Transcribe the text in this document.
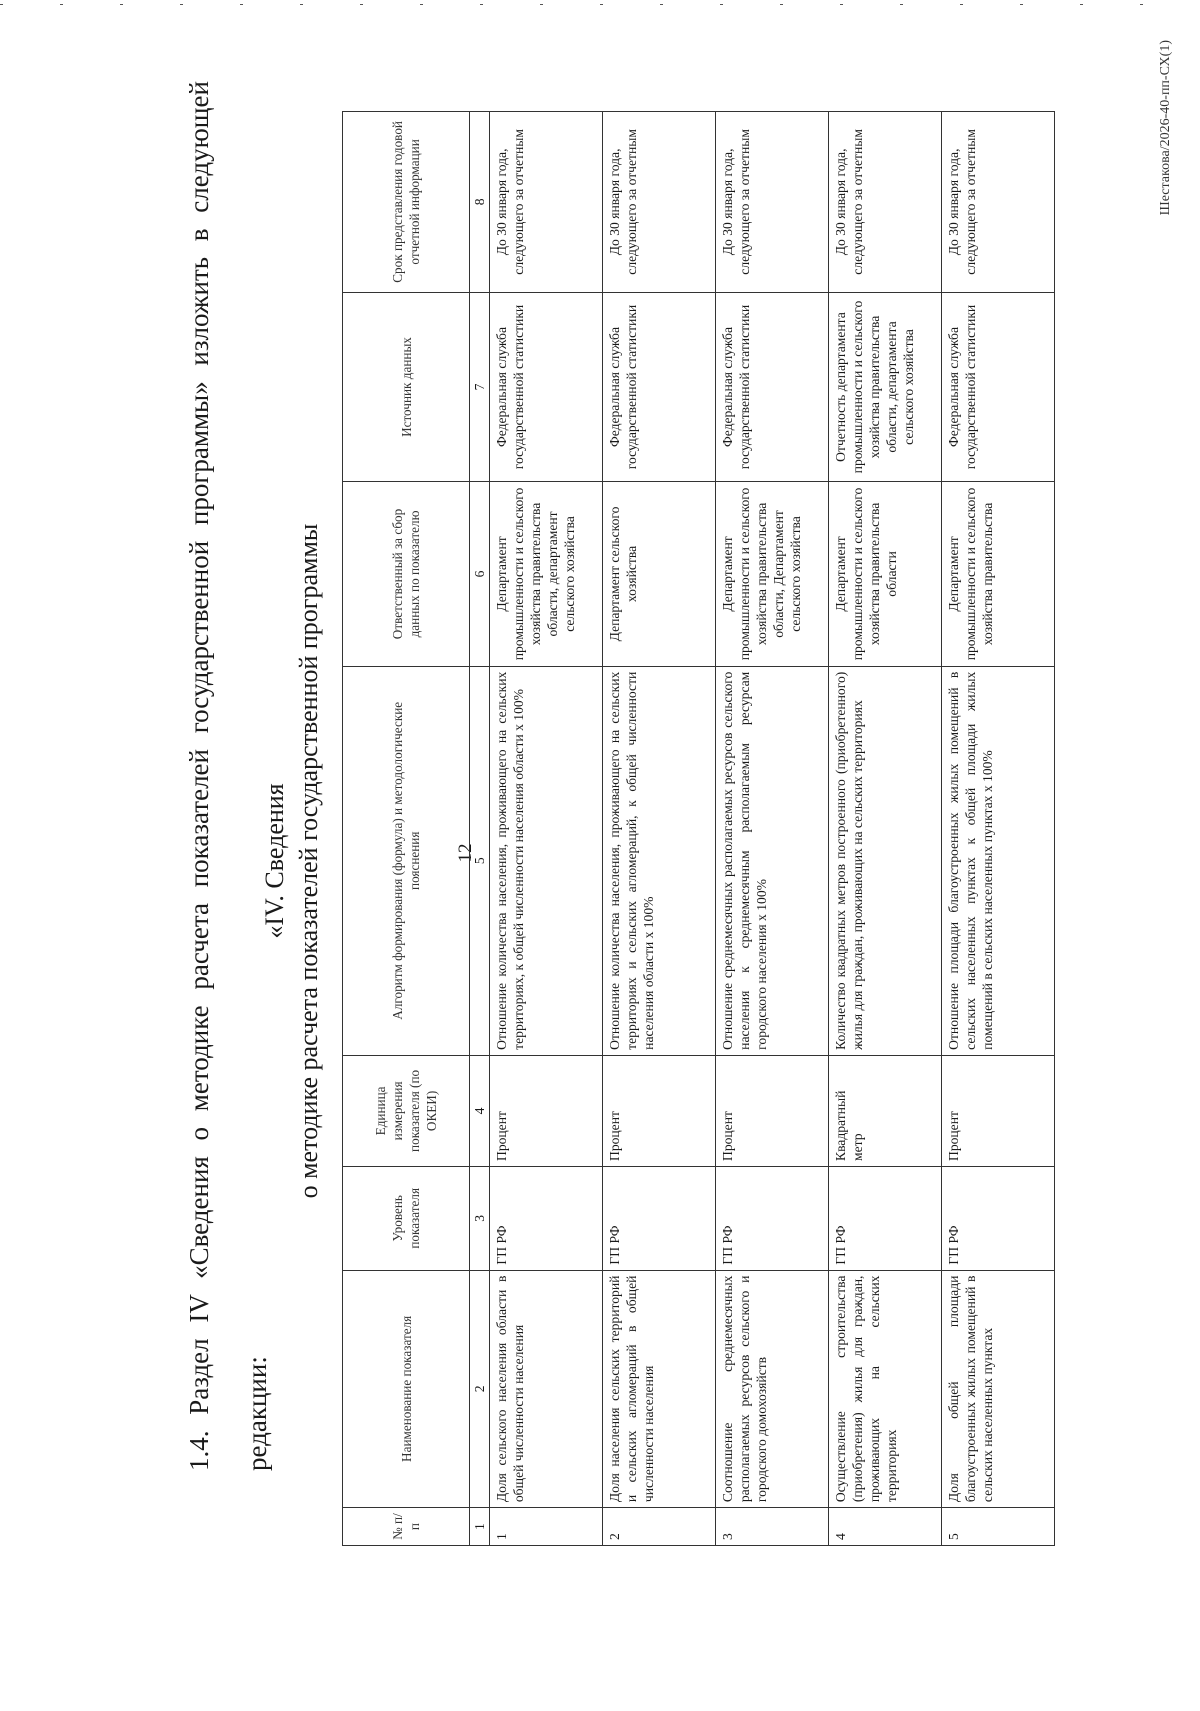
12
1.4. Раздел IV «Сведения о методике расчета показателей государственной программы» изложить в следующей редакции:
«IV. Сведения о методике расчета показателей государственной программы
№ п/п	Наименование показателя	Уровень показателя	Единица измерения показателя (по ОКЕИ)	Алгоритм формирования (формула) и методологические пояснения	Ответственный за сбор данных по показателю	Источник данных	Срок представления годовой отчетной информации
1	2	3	4	5	6	7	8
1	Доля сельского населения области в общей численности населения	ГП РФ	Процент	Отношение количества населения, проживающего на сельских территориях, к общей численности населения области x 100%	Департамент промышленности и сельского хозяйства правительства области, департамент сельского хозяйства	Федеральная служба государственной статистики	До 30 января года, следующего за отчетным
2	Доля населения сельских территорий и сельских агломераций в общей численности населения	ГП РФ	Процент	Отношение количества населения, проживающего на сельских территориях и сельских агломераций, к общей численности населения области x 100%	Департамент сельского хозяйства	Федеральная служба государственной статистики	До 30 января года, следующего за отчетным
3	Соотношение среднемесячных располагаемых ресурсов сельского и городского домохозяйств	ГП РФ	Процент	Отношение среднемесячных располагаемых ресурсов сельского населения к среднемесячным располагаемым ресурсам городского населения x 100%	Департамент промышленности и сельского хозяйства правительства области, Департамент сельского хозяйства	Федеральная служба государственной статистики	До 30 января года, следующего за отчетным
4	Осуществление строительства (приобретения) жилья для граждан, проживающих на сельских территориях	ГП РФ	Квадратный метр	Количество квадратных метров построенного (приобретенного) жилья для граждан, проживающих на сельских территориях	Департамент промышленности и сельского хозяйства правительства области	Отчетность департамента промышленности и сельского хозяйства правительства области, департамента сельского хозяйства	До 30 января года, следующего за отчетным
5	Доля общей площади благоустроенных жилых помещений в сельских населенных пунктах	ГП РФ	Процент	Отношение площади благоустроенных жилых помещений в сельских населенных пунктах к общей площади жилых помещений в сельских населенных пунктах x 100%	Департамент промышленности и сельского хозяйства правительства	Федеральная служба государственной статистики	До 30 января года, следующего за отчетным	Шестакова/2026-40-пп-СХ(1)
